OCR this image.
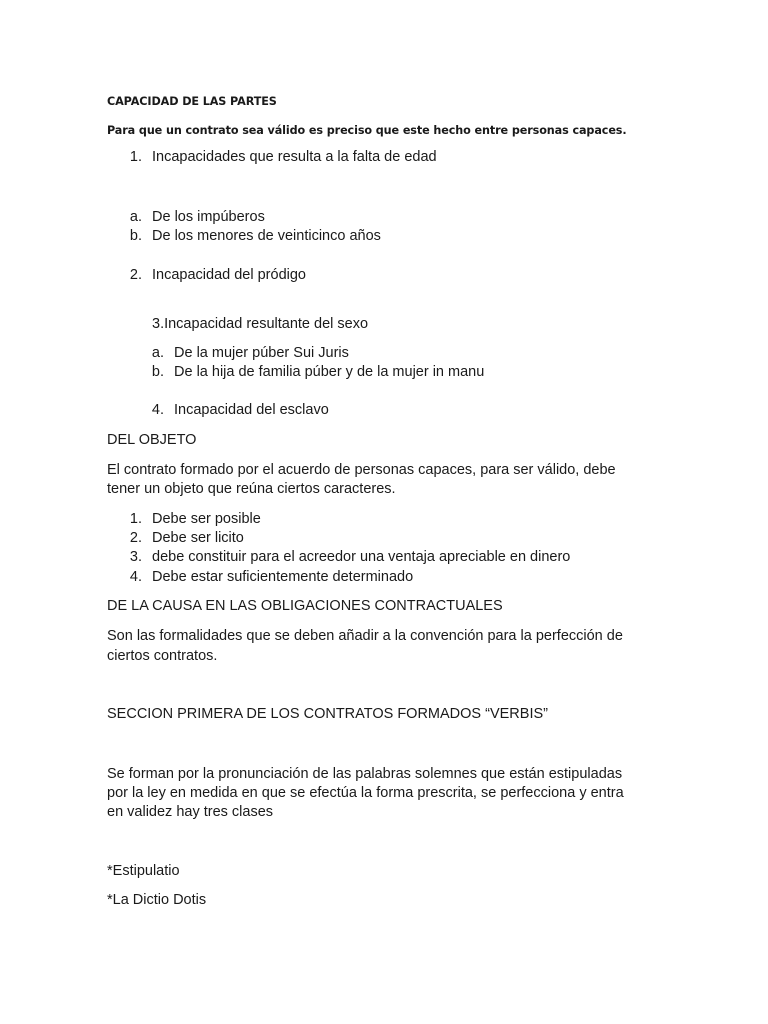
CAPACIDAD DE LAS PARTES
Para que un contrato sea válido es preciso que este hecho entre personas capaces.
1. Incapacidades que resulta a la falta de edad
a. De los impúberos
b. De los menores de veinticinco años
2. Incapacidad del pródigo
3.Incapacidad resultante del sexo
a. De la mujer púber Sui Juris
b. De la hija de familia púber y de la mujer in manu
4. Incapacidad del esclavo
DEL OBJETO
El contrato formado por el acuerdo de personas capaces, para ser válido, debe
tener un objeto que reúna ciertos caracteres.
1. Debe ser posible
2. Debe ser licito
3. debe constituir para el acreedor una ventaja apreciable en dinero
4. Debe estar suficientemente determinado
DE LA CAUSA EN LAS OBLIGACIONES CONTRACTUALES
Son las formalidades que se deben añadir a la convención para la perfección de
ciertos contratos.
SECCION PRIMERA DE LOS CONTRATOS FORMADOS “VERBIS”
Se forman por la pronunciación de las palabras solemnes que están estipuladas
por la ley en medida en que se efectúa la forma prescrita, se perfecciona y entra
en validez hay tres clases
*Estipulatio
*La Dictio Dotis
